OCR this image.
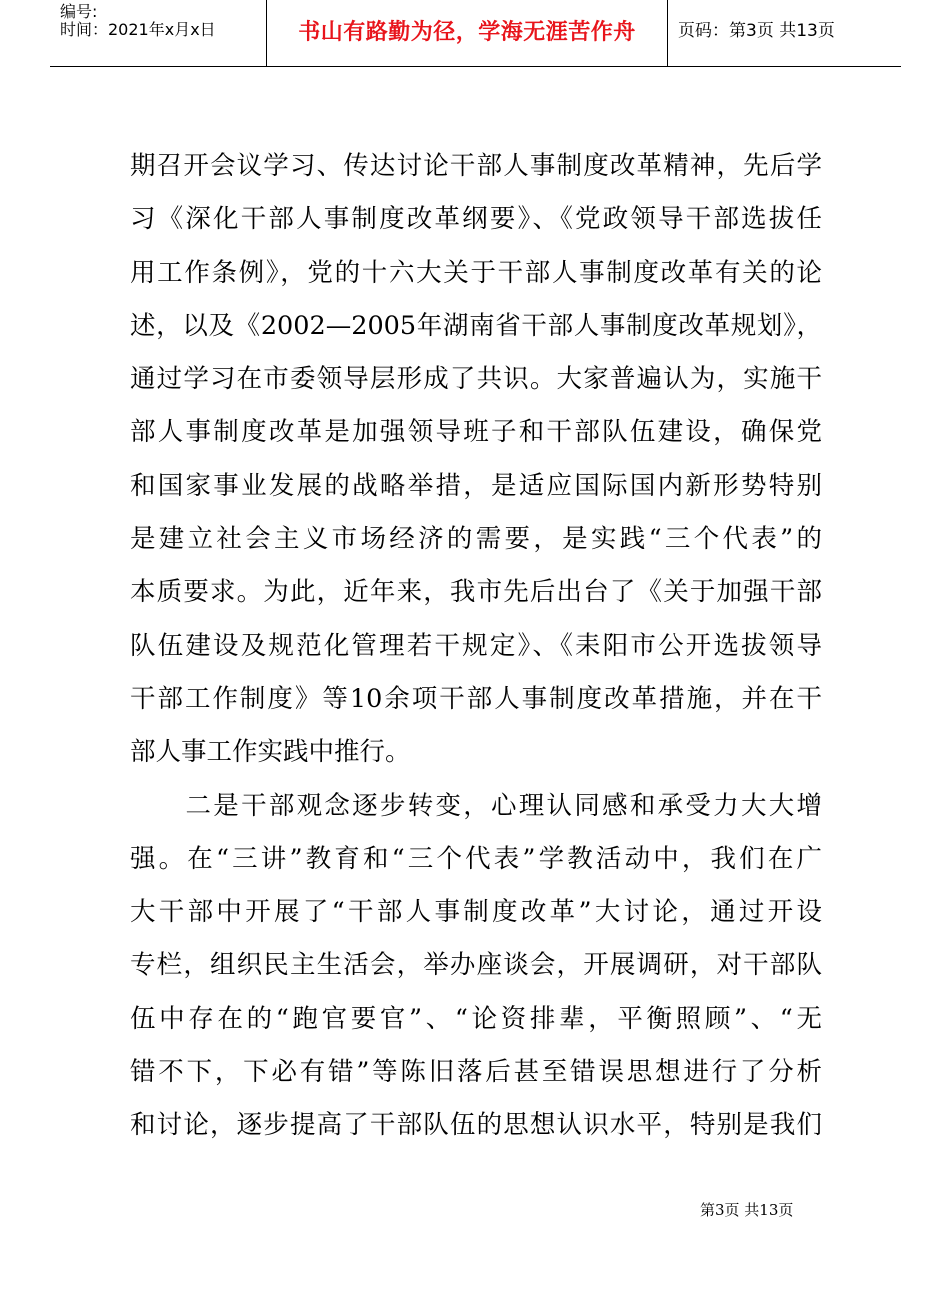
编号:
时间：2021年x月x日	书山有路勤为径，学海无涯苦作舟	页码：第3页 共13页
期召开会议学习、传达讨论干部人事制度改革精神，先后学
习《深化干部人事制度改革纲要》、《党政领导干部选拔任
用工作条例》，党的十六大关于干部人事制度改革有关的论
述，以及《2002—2005年湖南省干部人事制度改革规划》，
通过学习在市委领导层形成了共识。大家普遍认为，实施干
部人事制度改革是加强领导班子和干部队伍建设，确保党
和国家事业发展的战略举措，是适应国际国内新形势特别
是建立社会主义市场经济的需要，是实践“三个代表”的
本质要求。为此，近年来，我市先后出台了《关于加强干部
队伍建设及规范化管理若干规定》、《耒阳市公开选拔领导
干部工作制度》等10余项干部人事制度改革措施，并在干
部人事工作实践中推行。
　　二是干部观念逐步转变，心理认同感和承受力大大增
强。在“三讲”教育和“三个代表”学教活动中，我们在广
大干部中开展了“干部人事制度改革”大讨论，通过开设
专栏，组织民主生活会，举办座谈会，开展调研，对干部队
伍中存在的“跑官要官”、“论资排辈，平衡照顾”、“无
错不下，下必有错”等陈旧落后甚至错误思想进行了分析
和讨论，逐步提高了干部队伍的思想认识水平，特别是我们
第3页 共13页
